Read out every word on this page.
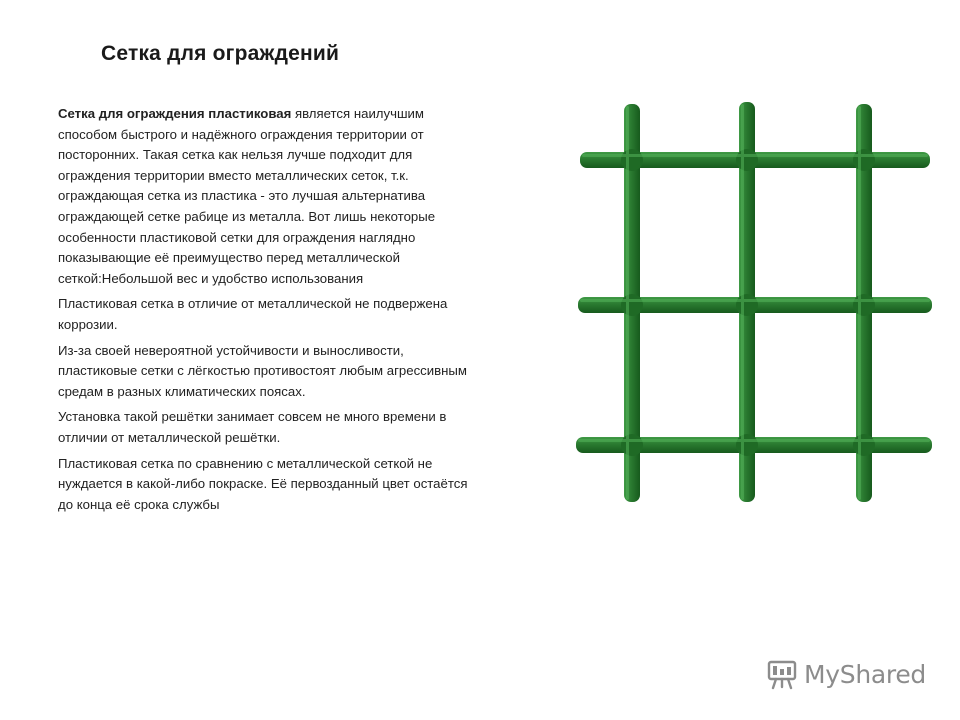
Сетка для ограждений

Сетка для ограждения пластиковая является наилучшим способом быстрого и надёжного ограждения территории от посторонних. Такая сетка как нельзя лучше подходит для ограждения территории вместо металлических сеток, т.к. ограждающая сетка из пластика - это лучшая альтернатива ограждающей сетке рабице из металла. Вот лишь некоторые особенности пластиковой сетки для ограждения наглядно показывающие её преимущество перед металлической сеткой:Небольшой вес и удобство использования

Пластиковая сетка в отличие от металлической не подвержена коррозии.

Из-за своей невероятной устойчивости и выносливости, пластиковые сетки с лёгкостью противостоят любым агрессивным средам в разных климатических поясах.

Установка такой решётки занимает совсем не много времени в отличии от металлической решётки.

Пластиковая сетка по сравнению с металлической сеткой не нуждается в какой-либо покраске. Её первозданный цвет остаётся до конца её срока службы

MyShared
